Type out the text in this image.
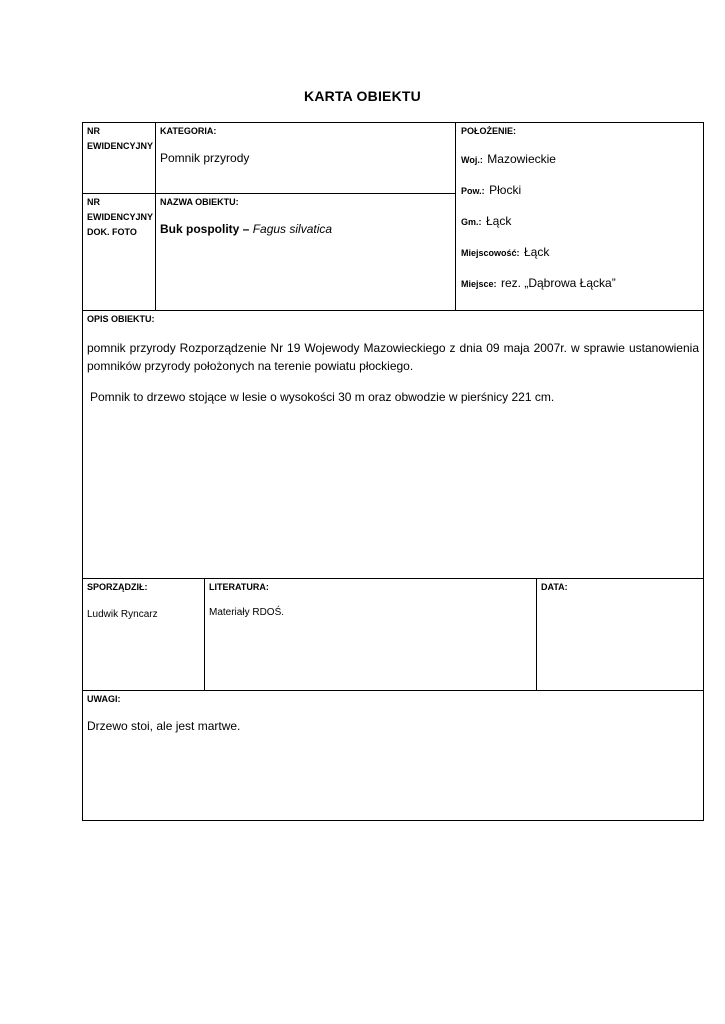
KARTA OBIEKTU
NR
EWIDENCYJNY
KATEGORIA:
Pomnik przyrody
POŁOŻENIE:
Woj.: Mazowieckie
Pow.: Płocki
Gm.: Łąck
Miejscowość: Łąck
Miejsce: rez. „Dąbrowa Łącka”
NR
EWIDENCYJNY
DOK. FOTO
NAZWA OBIEKTU:
Buk pospolity – Fagus silvatica
OPIS OBIEKTU:
pomnik przyrody Rozporządzenie Nr 19 Wojewody Mazowieckiego z dnia 09 maja 2007r. w sprawie ustanowienia pomników przyrody położonych na terenie powiatu płockiego.
Pomnik to drzewo stojące w lesie o wysokości 30 m oraz obwodzie w pierśnicy 221 cm.
SPORZĄDZIŁ:
Ludwik Ryncarz
LITERATURA:
Materiały RDOŚ.
DATA:
UWAGI:
Drzewo stoi, ale jest martwe.
